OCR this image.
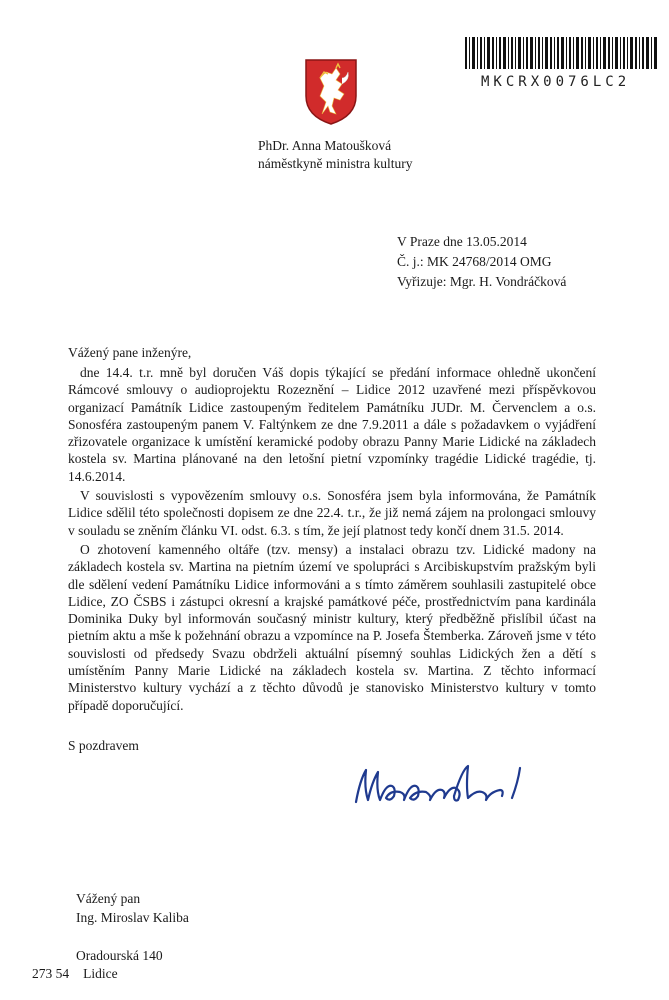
MKCRX0076LC2
PhDr. Anna Matoušková
náměstkyně ministra kultury
V Praze dne 13.05.2014
Č. j.: MK 24768/2014 OMG
Vyřizuje: Mgr. H. Vondráčková
Vážený pane inženýre,

dne 14.4. t.r. mně byl doručen Váš dopis týkající se předání informace ohledně ukončení Rámcové smlouvy o audioprojektu Rozeznění – Lidice 2012 uzavřené mezi příspěvkovou organizací Památník Lidice zastoupeným ředitelem Památníku JUDr. M. Červenclem a o.s. Sonosféra zastoupeným panem V. Faltýnkem ze dne 7.9.2011 a dále s požadavkem o vyjádření zřizovatele organizace k umístění keramické podoby obrazu Panny Marie Lidické na základech kostela sv. Martina plánované na den letošní pietní vzpomínky tragédie Lidické tragédie, tj. 14.6.2014.

V souvislosti s vypovězením smlouvy o.s. Sonosféra jsem byla informována, že Památník Lidice sdělil této společnosti dopisem ze dne 22.4. t.r., že již nemá zájem na prolongaci smlouvy v souladu se zněním článku VI. odst. 6.3. s tím, že její platnost tedy končí dnem 31.5. 2014.

O zhotovení kamenného oltáře (tzv. mensy) a instalaci obrazu tzv. Lidické madony na základech kostela sv. Martina na pietním území ve spolupráci s Arcibiskupstvím pražským byli dle sdělení vedení Památníku Lidice informováni a s tímto záměrem souhlasili zastupitelé obce Lidice, ZO ČSBS i zástupci okresní a krajské památkové péče, prostřednictvím pana kardinála Dominika Duky byl informován současný ministr kultury, který předběžně přislíbil účast na pietním aktu a mše k požehnání obrazu a vzpomínce na P. Josefa Štemberka. Zároveň jsme v této souvislosti od předsedy Svazu obdrželi aktuální písemný souhlas Lidických žen a dětí s umístěním Panny Marie Lidické na základech kostela sv. Martina. Z těchto informací Ministerstvo kultury vychází a z těchto důvodů je stanovisko Ministerstvo kultury v tomto případě doporučující.

S pozdravem
Vážený pan
Ing. Miroslav Kaliba
Oradourská 140
273 54 Lidice
